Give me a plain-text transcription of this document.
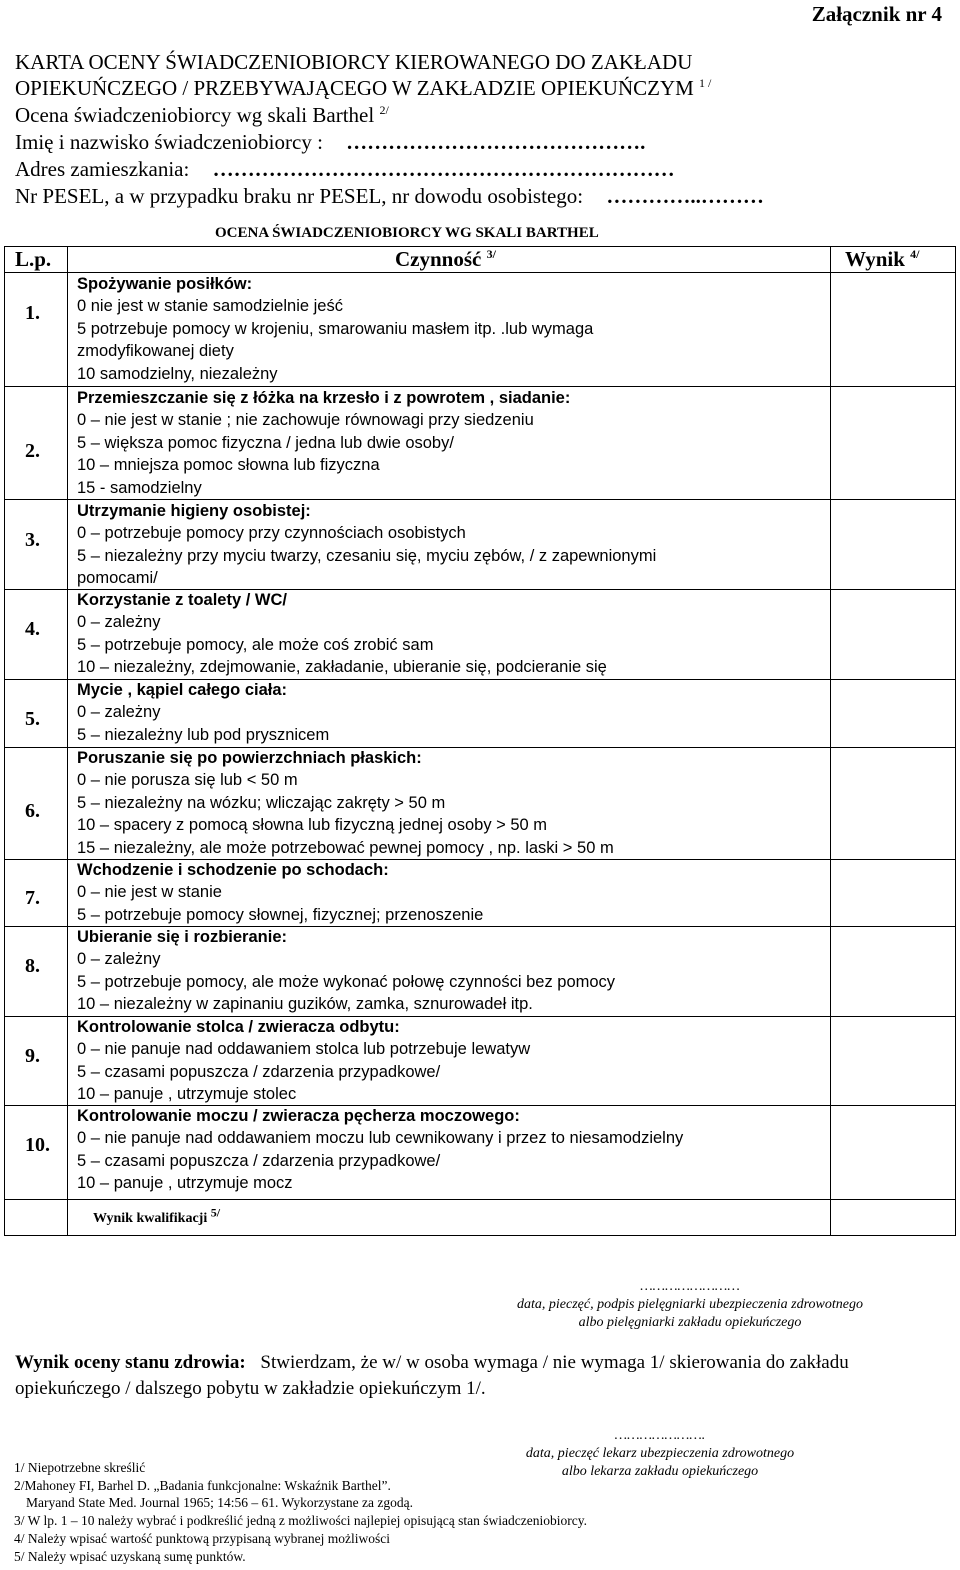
Załącznik nr 4
KARTA OCENY ŚWIADCZENIOBIORCY KIEROWANEGO DO ZAKŁADU
OPIEKUŃCZEGO / PRZEBYWAJĄCEGO W ZAKŁADZIE OPIEKUŃCZYM $^{1 /}$
Ocena świadczeniobiorcy wg skali Barthel $^{2/}$
Imię i nazwisko świadczeniobiorcy : …………………………………….
Adres zamieszkania: …………………………………………………………
Nr PESEL, a w przypadku braku nr PESEL, nr dowodu osobistego: …………..………
OCENA ŚWIADCZENIOBIORCY WG SKALI BARTHEL
L.p.	Czynność $^{3/}$	Wynik $^{4/}$
1.
Spożywanie posiłków:
0 nie jest w stanie samodzielnie jeść
5 potrzebuje pomocy w krojeniu, smarowaniu masłem itp. .lub wymaga
zmodyfikowanej diety
10 samodzielny, niezależny
2.
Przemieszczanie się z łóżka na krzesło i z powrotem , siadanie:
0 – nie jest w stanie ; nie zachowuje równowagi przy siedzeniu
5 – większa pomoc fizyczna / jedna lub dwie osoby/
10 – mniejsza pomoc słowna lub fizyczna
15 - samodzielny
3.
Utrzymanie higieny osobistej:
0 – potrzebuje pomocy przy czynnościach osobistych
5 – niezależny przy myciu twarzy, czesaniu się, myciu zębów, / z zapewnionymi
pomocami/
4.
Korzystanie z toalety / WC/
0 – zależny
5 – potrzebuje pomocy, ale może coś zrobić sam
10 – niezależny, zdejmowanie, zakładanie, ubieranie się, podcieranie się
5.
Mycie , kąpiel całego ciała:
0 – zależny
5 – niezależny lub pod prysznicem
6.
Poruszanie się po powierzchniach płaskich:
0 – nie porusza się lub < 50 m
5 – niezależny na wózku; wliczając zakręty > 50 m
10 – spacery z pomocą słowna lub fizyczną jednej osoby > 50 m
15 – niezależny, ale może potrzebować pewnej pomocy , np. laski > 50 m
7.
Wchodzenie i schodzenie po schodach:
0 – nie jest w stanie
5 – potrzebuje pomocy słownej, fizycznej; przenoszenie
8.
Ubieranie się i rozbieranie:
0 – zależny
5 – potrzebuje pomocy, ale może wykonać połowę czynności bez pomocy
10 – niezależny w zapinaniu guzików, zamka, sznurowadeł itp.
9.
Kontrolowanie stolca / zwieracza odbytu:
0 – nie panuje nad oddawaniem stolca lub potrzebuje lewatyw
5 – czasami popuszcza / zdarzenia przypadkowe/
10 – panuje , utrzymuje stolec
10.
Kontrolowanie moczu / zwieracza pęcherza moczowego:
0 – nie panuje nad oddawaniem moczu lub cewnikowany i przez to niesamodzielny
5 – czasami popuszcza / zdarzenia przypadkowe/
10 – panuje , utrzymuje mocz
Wynik kwalifikacji $^{5/}$
……………………
data, pieczęć, podpis pielęgniarki ubezpieczenia zdrowotnego
albo pielęgniarki zakładu opiekuńczego
Wynik oceny stanu zdrowia: Stwierdzam, że w/ w osoba wymaga / nie wymaga 1/ skierowania do zakładu opiekuńczego / dalszego pobytu w zakładzie opiekuńczym 1/.
………………….
data, pieczęć lekarz ubezpieczenia zdrowotnego
albo lekarza zakładu opiekuńczego
1/ Niepotrzebne skreślić
2/Mahoney FI, Barhel D. „Badania funkcjonalne: Wskaźnik Barthel”.
Maryand State Med. Journal 1965; 14:56 – 61. Wykorzystane za zgodą.
3/ W lp. 1 – 10 należy wybrać i podkreślić jedną z możliwości najlepiej opisującą stan świadczeniobiorcy.
4/ Należy wpisać wartość punktową przypisaną wybranej możliwości
5/ Należy wpisać uzyskaną sumę punktów.
